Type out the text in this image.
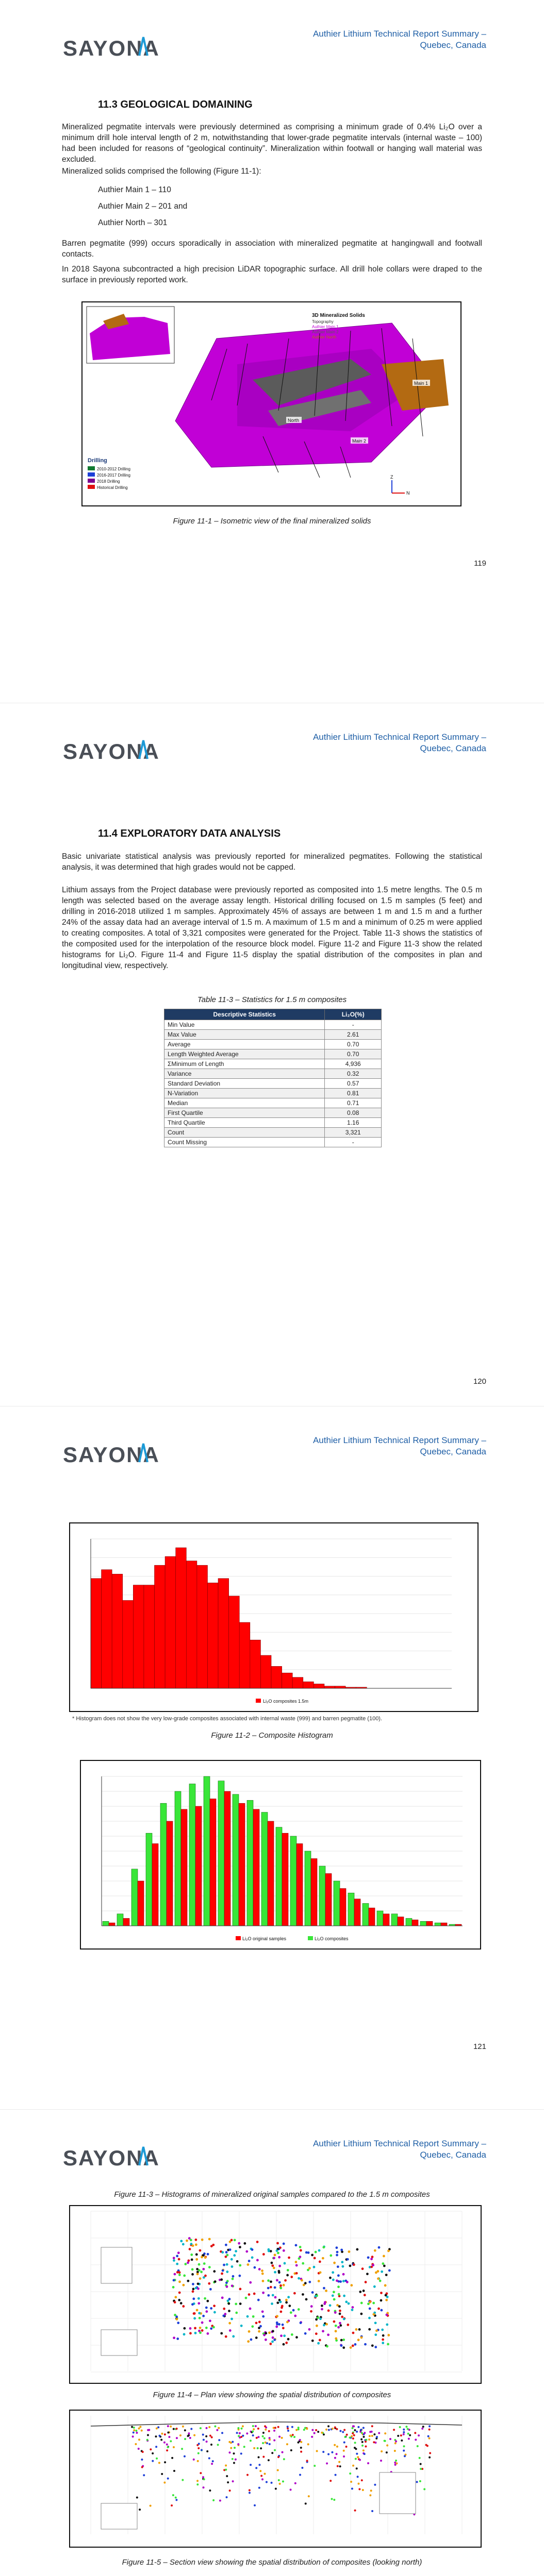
SAYONA
Authier Lithium Technical Report Summary –
Quebec, Canada
11.3 GEOLOGICAL DOMAINING
Mineralized pegmatite intervals were previously determined as comprising a minimum grade of 0.4% Li₂O over a minimum drill hole interval length of 2 m, notwithstanding that lower-grade pegmatite intervals (internal waste – 100) had been included for reasons of “geological continuity”. Mineralization within footwall or hanging wall material was excluded.
Mineralized solids comprised the following (Figure 11-1):
Authier Main 1 – 110
Authier Main 2 – 201 and
Authier North – 301
Barren pegmatite (999) occurs sporadically in association with mineralized pegmatite at hangingwall and footwall contacts.
In 2018 Sayona subcontracted a high precision LiDAR topographic surface. All drill hole collars were draped to the surface in previously reported work.
3D Mineralized Solids
Topography
Authier Main 1
Authier Main 2
Authier North
Drilling
2010-2012 Drilling
2016-2017 Drilling
2018 Drilling
Historical Drilling
Main 1
Main 2
North
Z
N
Figure 11-1 – Isometric view of the final mineralized solids
119
SAYONA
Authier Lithium Technical Report Summary –
Quebec, Canada
11.4 EXPLORATORY DATA ANALYSIS
Basic univariate statistical analysis was previously reported for mineralized pegmatites. Following the statistical analysis, it was determined that high grades would not be capped.
Lithium assays from the Project database were previously reported as composited into 1.5 metre lengths. The 0.5 m length was selected based on the average assay length. Historical drilling focused on 1.5 m samples (5 feet) and drilling in 2016-2018 utilized 1 m samples. Approximately 45% of assays are between 1 m and 1.5 m and a further 24% of the assay data had an average interval of 1.5 m. A maximum of 1.5 m and a minimum of 0.25 m were applied to creating composites. A total of 3,321 composites were generated for the Project. Table 11-3 shows the statistics of the composited used for the interpolation of the resource block model. Figure 11-2 and Figure 11-3 show the related histograms for Li₂O. Figure 11-4 and Figure 11-5 display the spatial distribution of the composites in plan and longitudinal view, respectively.
Table 11-3 – Statistics for 1.5 m composites
Descriptive Statistics	Li₂O(%)
Min Value	-
Max Value	2.61
Average	0.70
Length Weighted Average	0.70
ΣMinimum of Length	4,936
Variance	0.32
Standard Deviation	0.57
N-Variation	0.81
Median	0.71
First Quartile	0.08
Third Quartile	1.16
Count	3,321
Count Missing	-
120
SAYONA
Authier Lithium Technical Report Summary –
Quebec, Canada
Li₂O composites 1.5m
* Histogram does not show the very low-grade composites associated with internal waste (999) and barren pegmatite (100).
Figure 11-2 – Composite Histogram
Li₂O original samples	Li₂O composites
121
SAYONA
Authier Lithium Technical Report Summary –
Quebec, Canada
Figure 11-3 – Histograms of mineralized original samples compared to the 1.5 m composites
Figure 11-4 – Plan view showing the spatial distribution of composites
Figure 11-5 – Section view showing the spatial distribution of composites (looking north)
